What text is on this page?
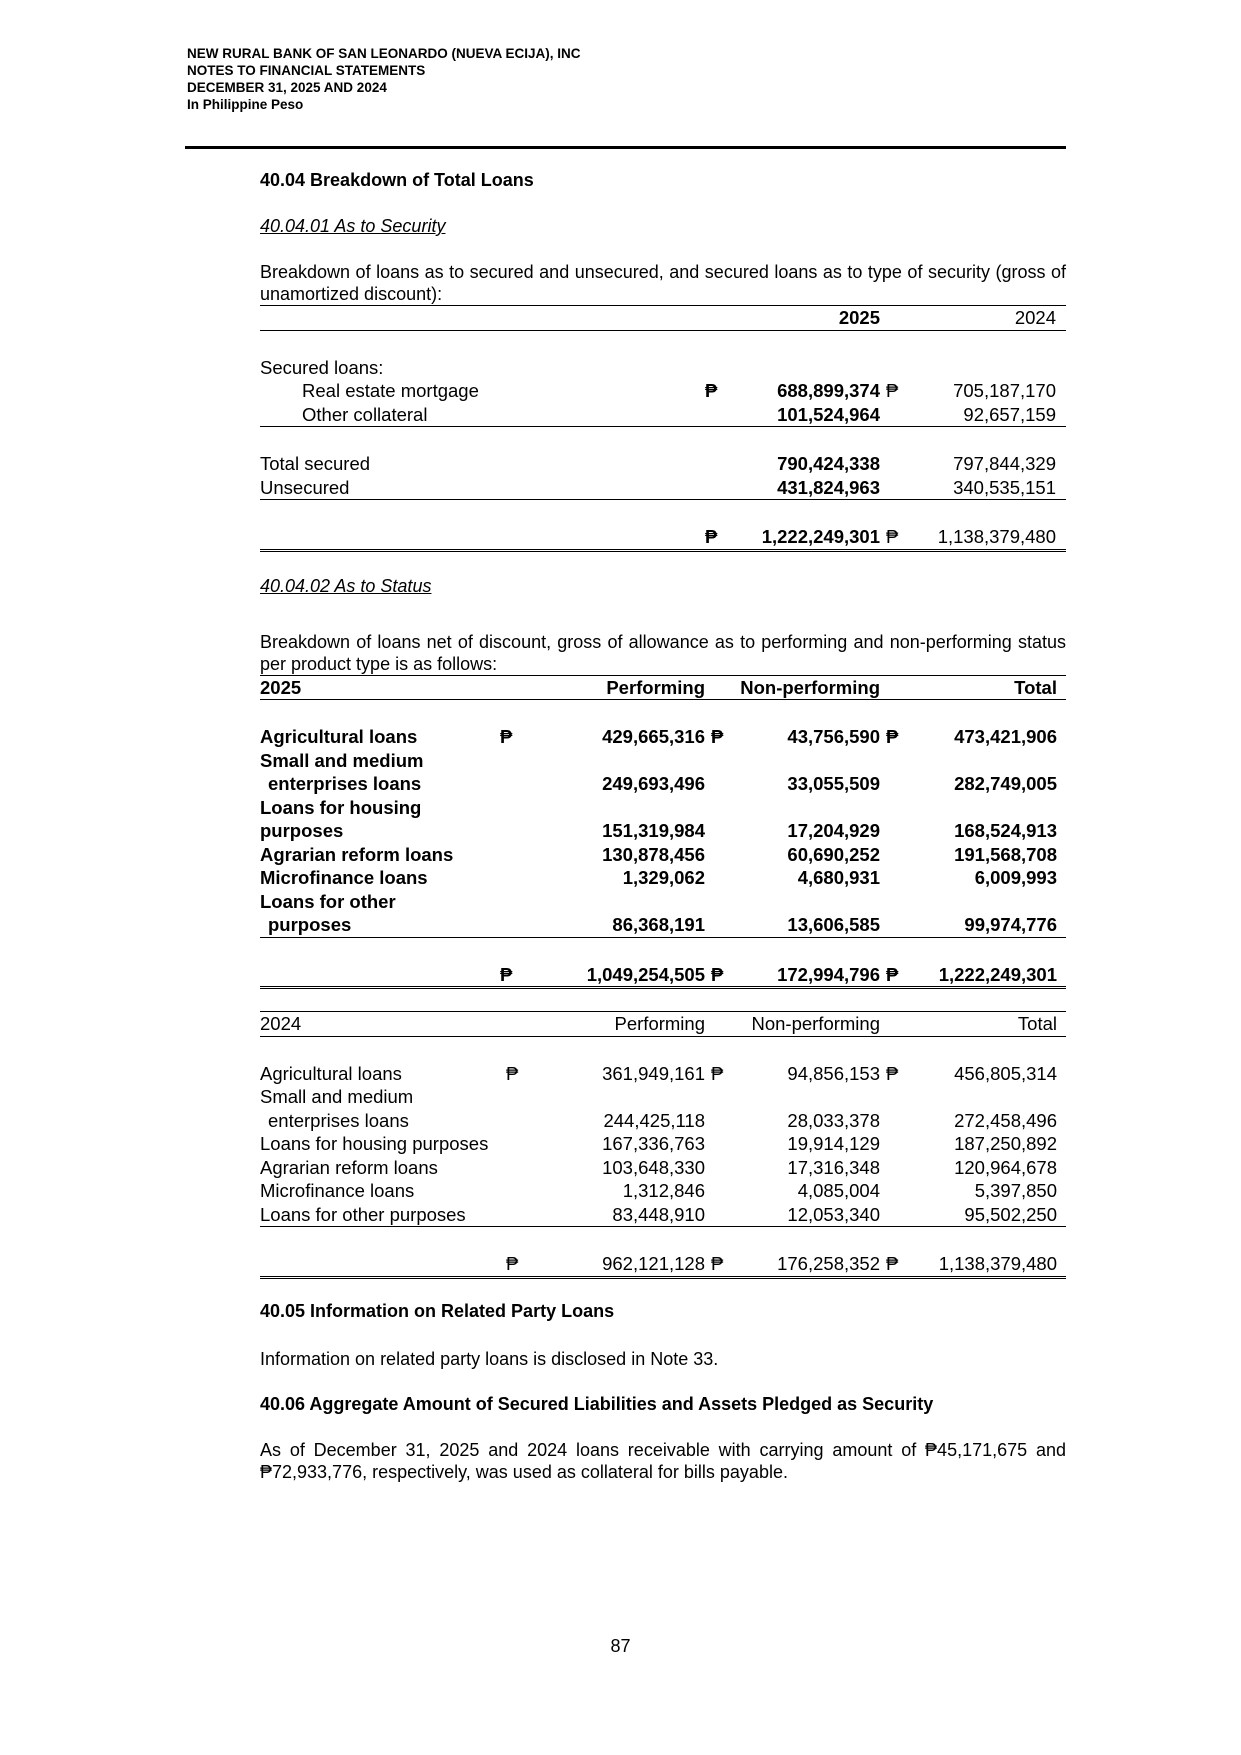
NEW RURAL BANK OF SAN LEONARDO (NUEVA ECIJA), INC
NOTES TO FINANCIAL STATEMENTS
DECEMBER 31, 2025 AND 2024
In Philippine Peso
40.04 Breakdown of Total Loans
40.04.01 As to Security

Breakdown of loans as to secured and unsecured, and secured loans as to type of security (gross of unamortized discount):

		2025		2024	

Secured loans:					
Real estate mortgage	₱	688,899,374	₱	705,187,170	
Other collateral		101,524,964		92,657,159	

Total secured		790,424,338		797,844,329	
Unsecured		431,824,963		340,535,151	

	₱	1,222,249,301	₱	1,138,379,480	
40.04.02 As to Status

Breakdown of loans net of discount, gross of allowance as to performing and non-performing status per product type is as follows:

2025		Performing		Non-performing		Total	

Agricultural loans	₱	429,665,316	₱	43,756,590	₱	473,421,906	
Small and medium							
enterprises loans		249,693,496		33,055,509		282,749,005	
Loans for housing							
purposes		151,319,984		17,204,929		168,524,913	
Agrarian reform loans		130,878,456		60,690,252		191,568,708	
Microfinance loans		1,329,062		4,680,931		6,009,993	
Loans for other							
purposes		86,368,191		13,606,585		99,974,776	

	₱	1,049,254,505	₱	172,994,796	₱	1,222,249,301	
2024		Performing		Non-performing		Total	

Agricultural loans	₱	361,949,161	₱	94,856,153	₱	456,805,314	
Small and medium							
enterprises loans		244,425,118		28,033,378		272,458,496	
Loans for housing purposes		167,336,763		19,914,129		187,250,892	
Agrarian reform loans		103,648,330		17,316,348		120,964,678	
Microfinance loans		1,312,846		4,085,004		5,397,850	
Loans for other purposes		83,448,910		12,053,340		95,502,250	

	₱	962,121,128	₱	176,258,352	₱	1,138,379,480	
40.05 Information on Related Party Loans

Information on related party loans is disclosed in Note 33.

40.06 Aggregate Amount of Secured Liabilities and Assets Pledged as Security

As of December 31, 2025 and 2024 loans receivable with carrying amount of ₱45,171,675 and ₱72,933,776, respectively, was used as collateral for bills payable.

87
